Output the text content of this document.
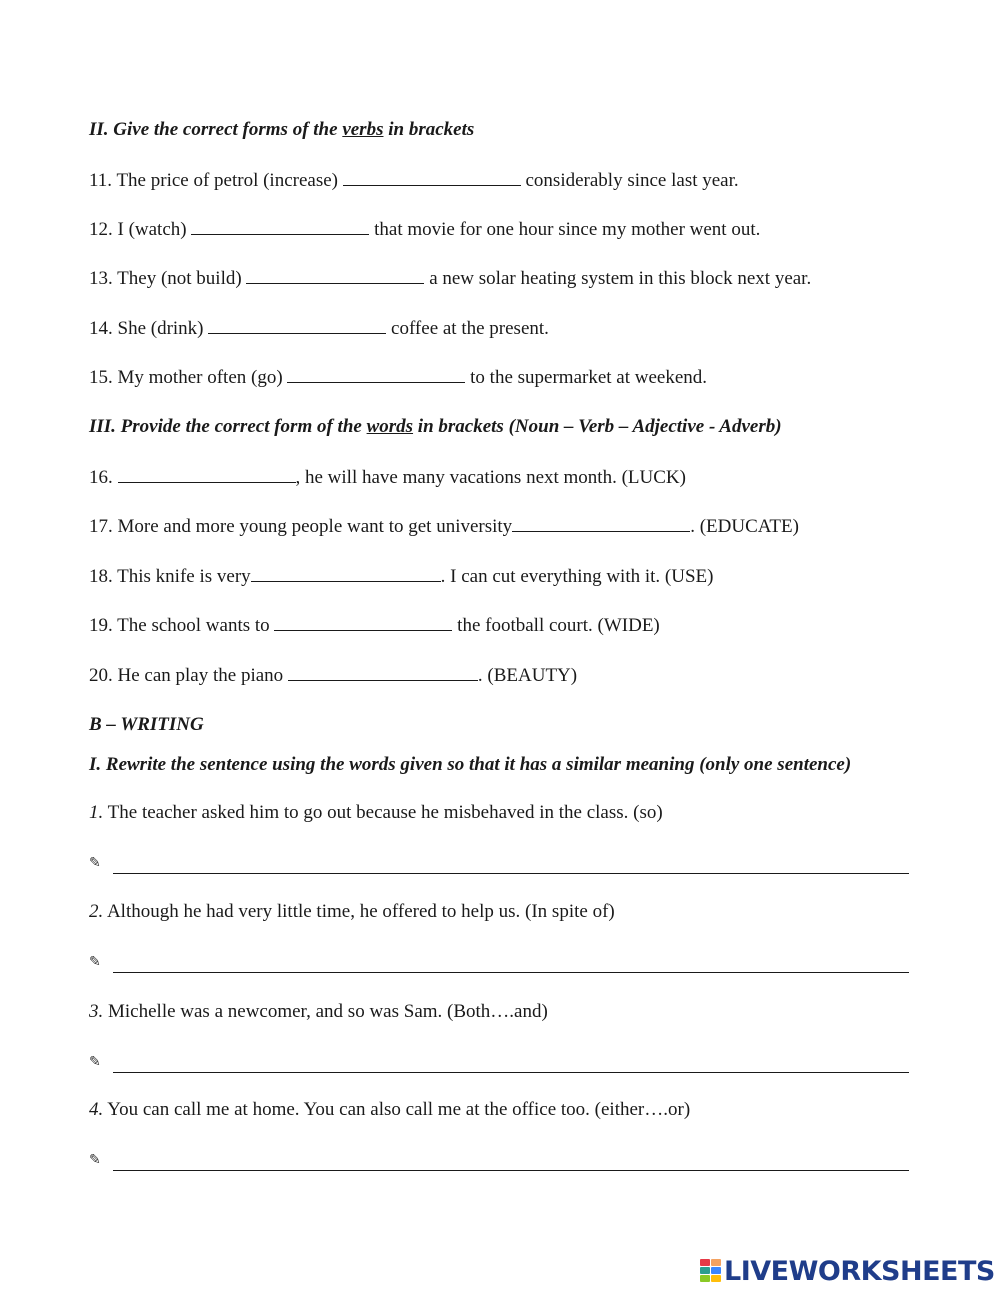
II. Give the correct forms of the verbs in brackets
11. The price of petrol (increase)	considerably since last year.
12. I (watch)	that movie for one hour since my mother went out.
13. They (not build)	a new solar heating system in this block next year.
14. She (drink)	coffee at the present.
15. My mother often (go)	to the supermarket at weekend.
III. Provide the correct form of the words in brackets (Noun – Verb – Adjective - Adverb)
16.	, he will have many vacations next month. (LUCK)
17. More and more young people want to get university	. (EDUCATE)
18. This knife is very	. I can cut everything with it. (USE)
19. The school wants to	the football court. (WIDE)
20. He can play the piano	. (BEAUTY)
B – WRITING
I. Rewrite the sentence using the words given so that it has a similar meaning (only one sentence)
1. The teacher asked him to go out because he misbehaved in the class. (so)
✎
2. Although he had very little time, he offered to help us. (In spite of)
✎
3. Michelle was a newcomer, and so was Sam. (Both….and)
✎
4. You can call me at home. You can also call me at the office too. (either….or)
✎
LIVEWORKSHEETS
